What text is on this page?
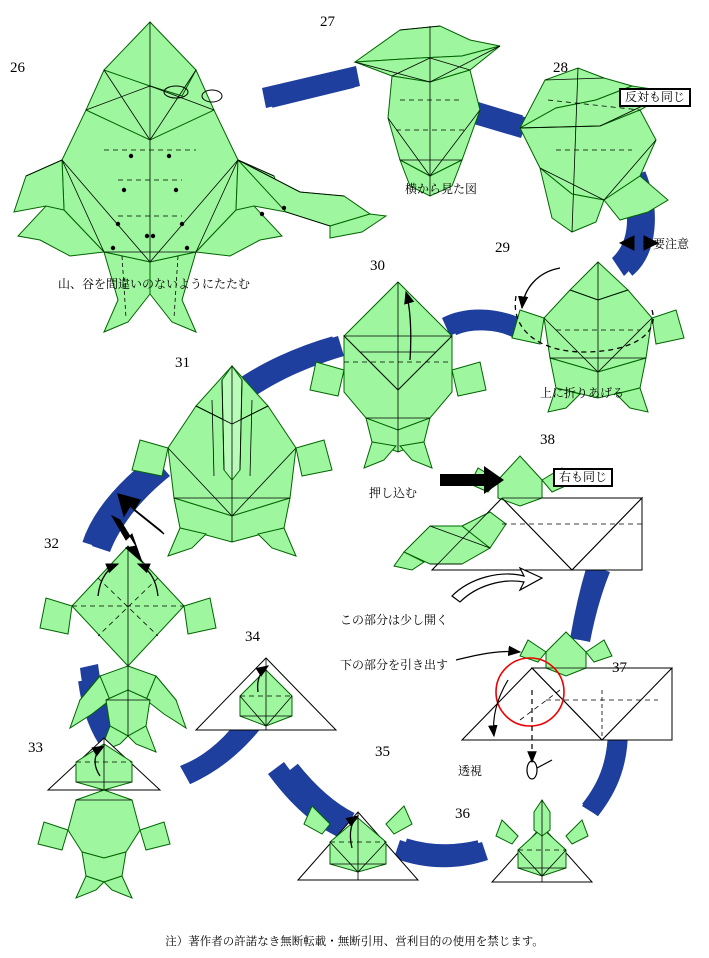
26
27
28
29
30
31
32
33
34
35
36
37
38
山、谷を間違いのないようにたたむ
横から見た図
反対も同じ
＊要注意
上に折りあげる
押し込む
右も同じ
この部分は少し開く
下の部分を引き出す
透視
注）著作者の許諾なき無断転載・無断引用、営利目的の使用を禁じます。
